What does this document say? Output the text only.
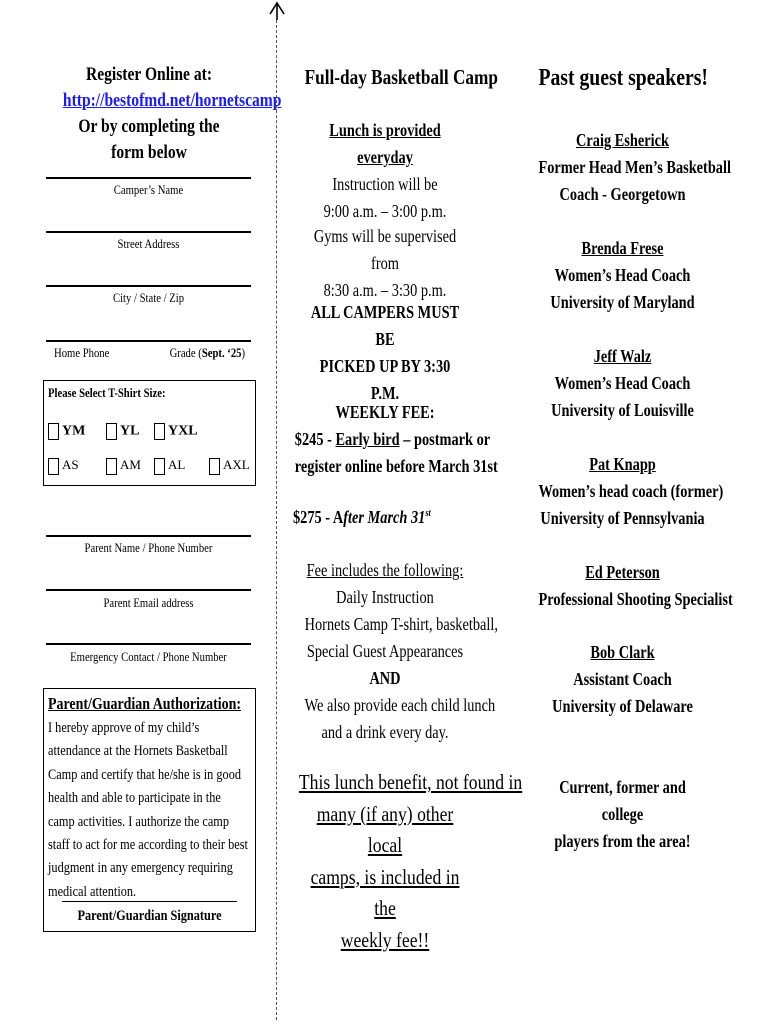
Register Online at:
http://bestofmd.net/hornetscamp
Or by completing the form below
Camper’s Name
Street Address
City / State / Zip
Home Phone	Grade (Sept. ‘25)
Please Select T-Shirt Size:
YM	YL	YXL
AS	AM	AL	AXL
Parent Name / Phone Number
Parent Email address
Emergency Contact / Phone Number
Parent/Guardian Authorization:
I hereby approve of my child’s attendance at the Hornets Basketball Camp and certify that he/she is in good health and able to participate in the camp activities. I authorize the camp staff to act for me according to their best judgment in any emergency requiring medical attention.
Parent/Guardian Signature
Full-day Basketball Camp
Lunch is provided everyday
Instruction will be
9:00 a.m. – 3:00 p.m.
Gyms will be supervised from
8:30 a.m. – 3:30 p.m.
ALL CAMPERS MUST BE
PICKED UP BY 3:30 P.M.
WEEKLY FEE:
$245 - Early bird – postmark or
register online before March 31st
$275 - After March 31st
Fee includes the following:
Daily Instruction
Hornets Camp T-shirt, basketball,
Special Guest Appearances
AND
We also provide each child lunch
and a drink every day.
This lunch benefit, not found in
many (if any) other local
camps, is included in the
weekly fee!!
Past guest speakers!
Craig Esherick
Former Head Men’s Basketball
Coach - Georgetown
Brenda Frese
Women’s Head Coach
University of Maryland
Jeff Walz
Women’s Head Coach
University of Louisville
Pat Knapp
Women’s head coach (former)
University of Pennsylvania
Ed Peterson
Professional Shooting Specialist
Bob Clark
Assistant Coach
University of Delaware
Current, former and college
players from the area!
